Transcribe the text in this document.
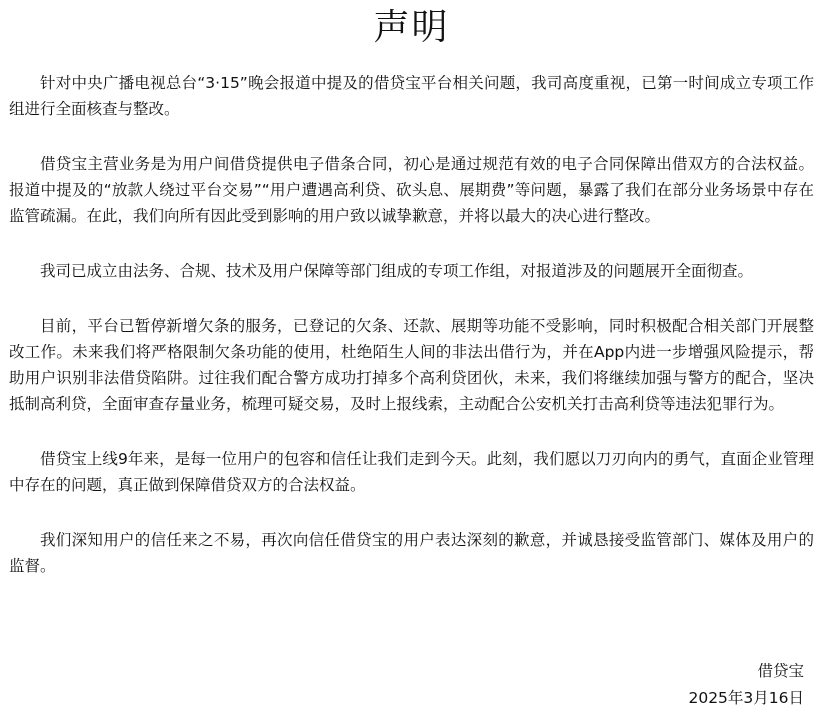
声明

针对中央广播电视总台“3·15”晚会报道中提及的借贷宝平台相关问题，我司高度重视，已第一时间成立专项工作组进行全面核查与整改。

借贷宝主营业务是为用户间借贷提供电子借条合同，初心是通过规范有效的电子合同保障出借双方的合法权益。报道中提及的“放款人绕过平台交易”“用户遭遇高利贷、砍头息、展期费”等问题，暴露了我们在部分业务场景中存在监管疏漏。在此，我们向所有因此受到影响的用户致以诚挚歉意，并将以最大的决心进行整改。

我司已成立由法务、合规、技术及用户保障等部门组成的专项工作组，对报道涉及的问题展开全面彻查。

目前，平台已暂停新增欠条的服务，已登记的欠条、还款、展期等功能不受影响，同时积极配合相关部门开展整改工作。未来我们将严格限制欠条功能的使用，杜绝陌生人间的非法出借行为，并在App内进一步增强风险提示，帮助用户识别非法借贷陷阱。过往我们配合警方成功打掉多个高利贷团伙，未来，我们将继续加强与警方的配合，坚决抵制高利贷，全面审查存量业务，梳理可疑交易，及时上报线索，主动配合公安机关打击高利贷等违法犯罪行为。

借贷宝上线9年来，是每一位用户的包容和信任让我们走到今天。此刻，我们愿以刀刃向内的勇气，直面企业管理中存在的问题，真正做到保障借贷双方的合法权益。

我们深知用户的信任来之不易，再次向信任借贷宝的用户表达深刻的歉意，并诚恳接受监管部门、媒体及用户的监督。

借贷宝

2025年3月16日
